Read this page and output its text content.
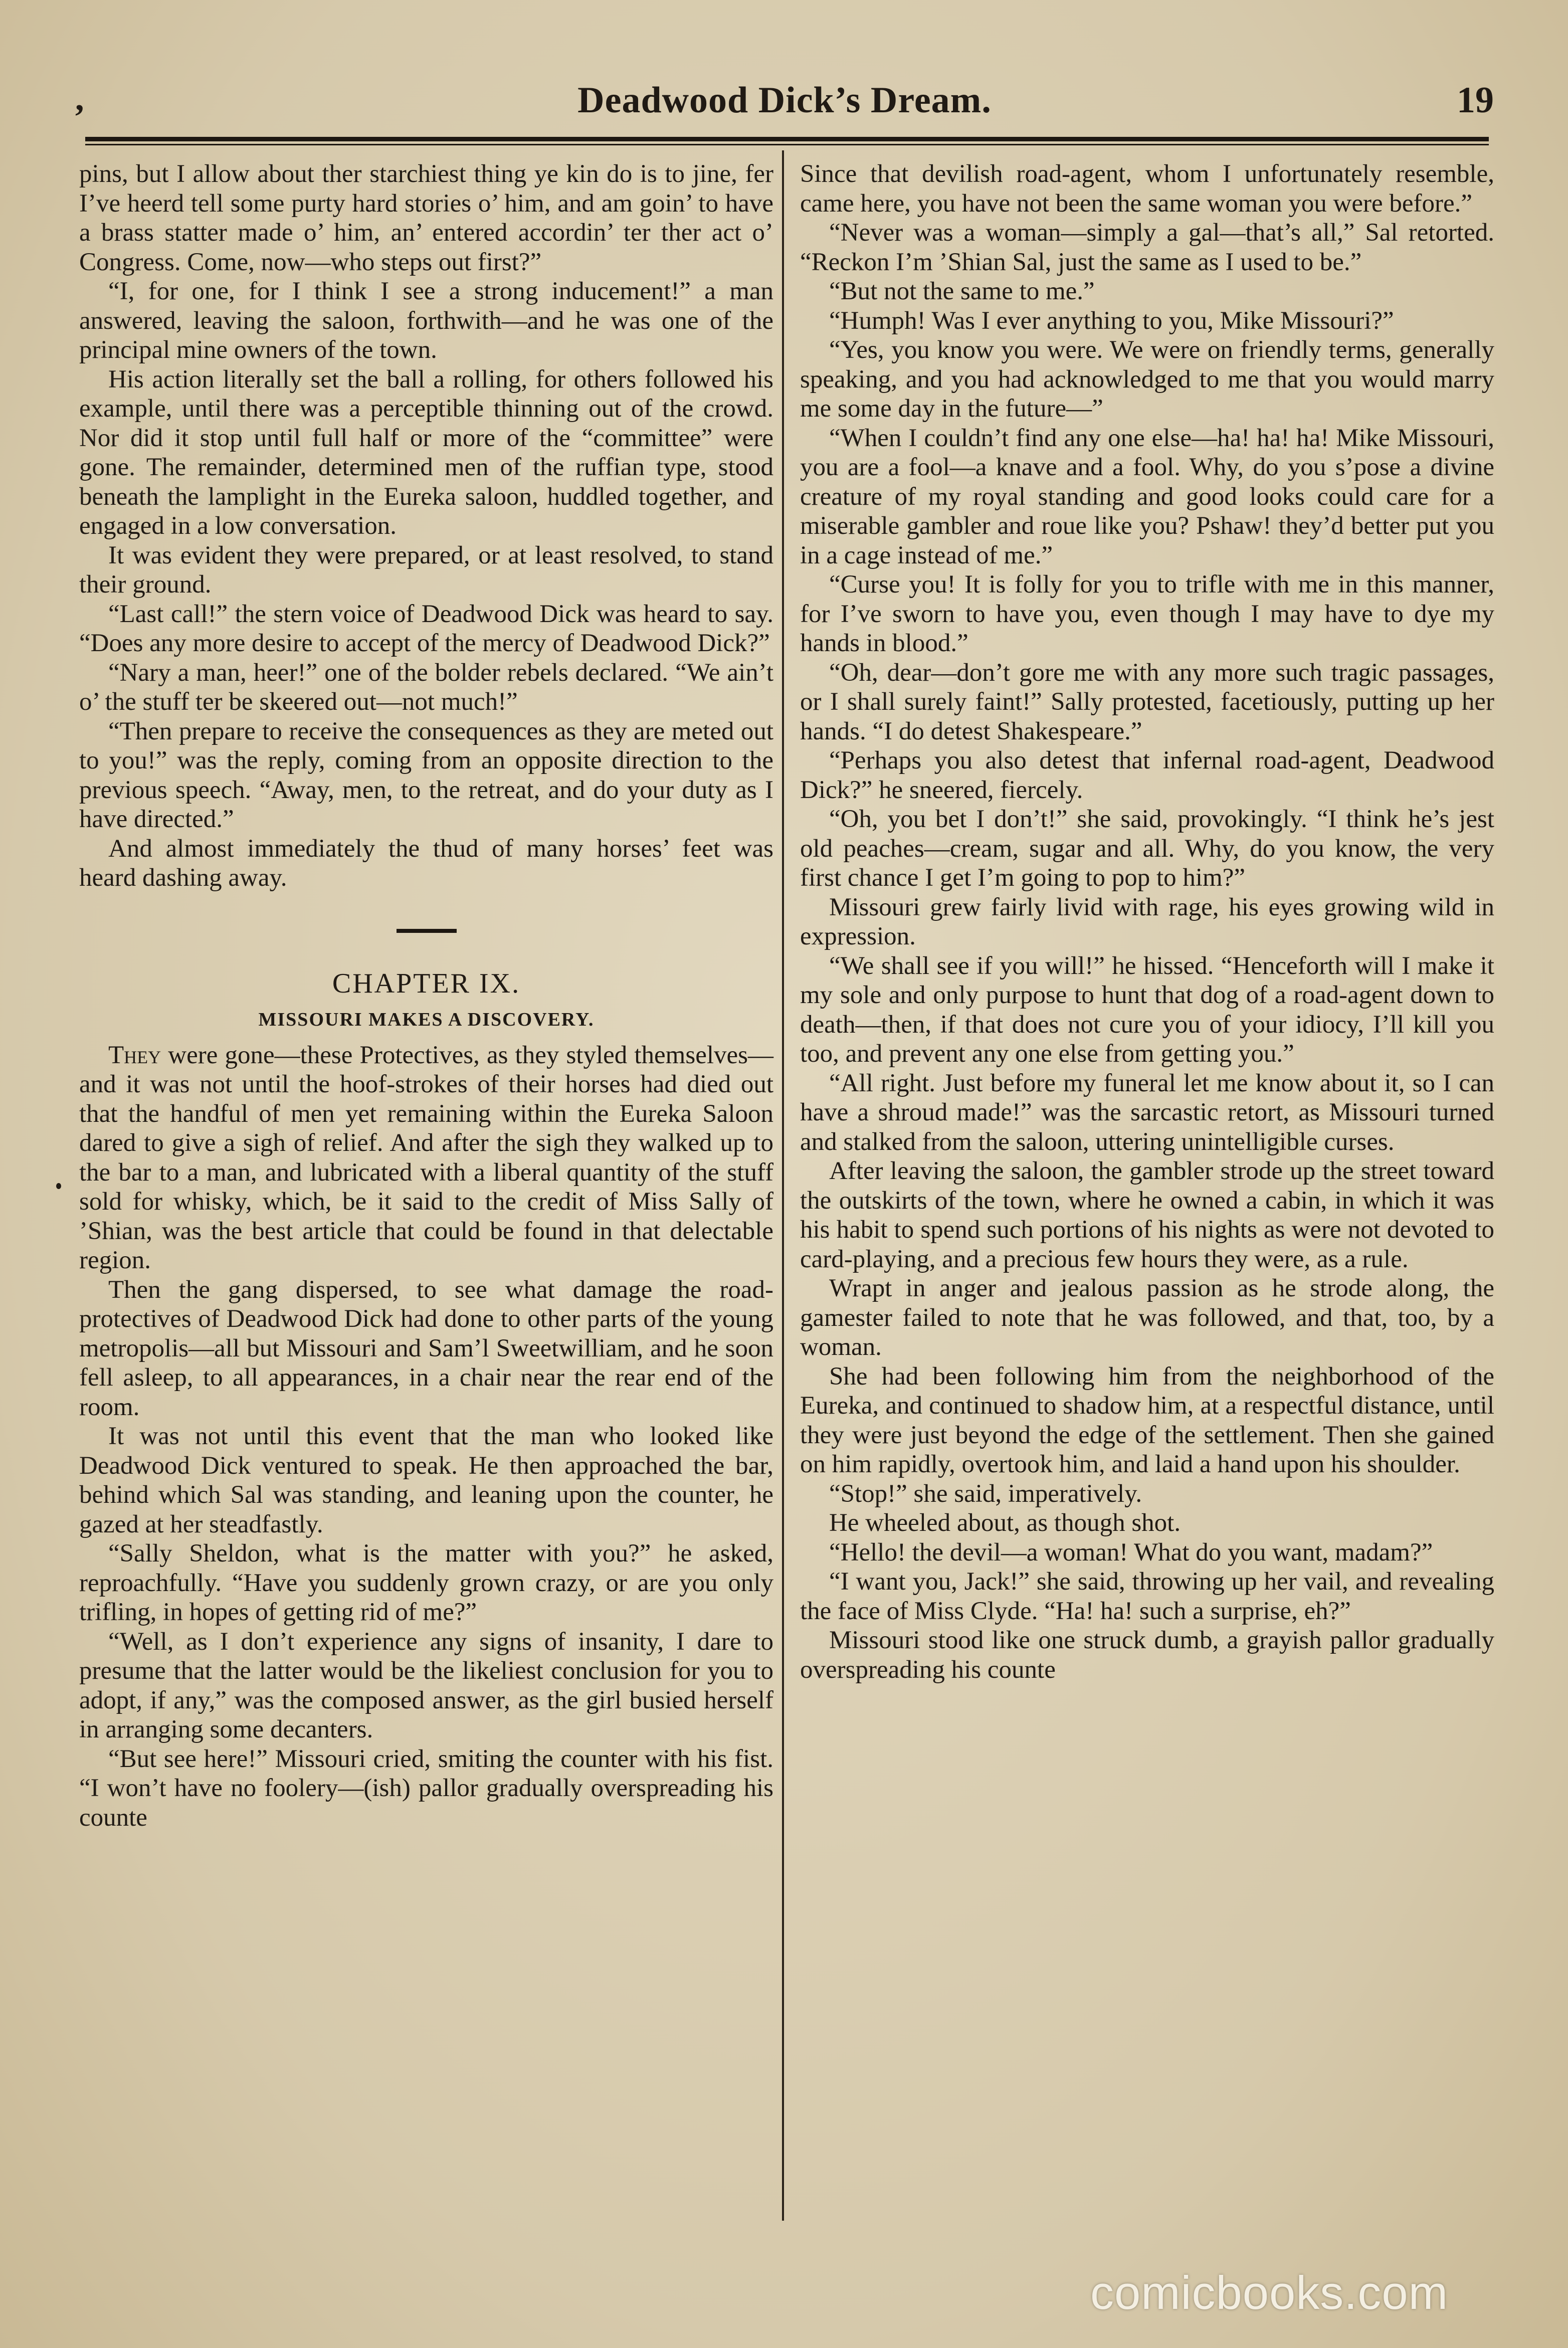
,	Deadwood Dick’s Dream.	19

pins, but I allow about ther starchiest thing ye kin do is to jine, fer I’ve heerd tell some purty hard stories o’ him, and am goin’ to have a brass statter made o’ him, an’ entered accordin’ ter ther act o’ Congress. Come, now—who steps out first?”

“I, for one, for I think I see a strong inducement!” a man answered, leaving the saloon, forthwith—and he was one of the principal mine owners of the town.

His action literally set the ball a rolling, for others followed his example, until there was a perceptible thinning out of the crowd. Nor did it stop until full half or more of the “committee” were gone. The remainder, determined men of the ruffian type, stood beneath the lamplight in the Eureka saloon, huddled together, and engaged in a low conversation.

It was evident they were prepared, or at least resolved, to stand their ground.

“Last call!” the stern voice of Deadwood Dick was heard to say. “Does any more desire to accept of the mercy of Deadwood Dick?”

“Nary a man, heer!” one of the bolder rebels declared. “We ain’t o’ the stuff ter be skeered out—not much!”

“Then prepare to receive the consequences as they are meted out to you!” was the reply, coming from an opposite direction to the previous speech. “Away, men, to the retreat, and do your duty as I have directed.”

And almost immediately the thud of many horses’ feet was heard dashing away.

CHAPTER IX.
MISSOURI MAKES A DISCOVERY.

They were gone—these Protectives, as they styled themselves—and it was not until the hoof-strokes of their horses had died out that the handful of men yet remaining within the Eureka Saloon dared to give a sigh of relief. And after the sigh they walked up to the bar to a man, and lubricated with a liberal quantity of the stuff sold for whisky, which, be it said to the credit of Miss Sally of ’Shian, was the best article that could be found in that delectable region.

Then the gang dispersed, to see what damage the road-protectives of Deadwood Dick had done to other parts of the young metropolis—all but Missouri and Sam’l Sweetwilliam, and he soon fell asleep, to all appearances, in a chair near the rear end of the room.

It was not until this event that the man who looked like Deadwood Dick ventured to speak. He then approached the bar, behind which Sal was standing, and leaning upon the counter, he gazed at her steadfastly.

“Sally Sheldon, what is the matter with you?” he asked, reproachfully. “Have you suddenly grown crazy, or are you only trifling, in hopes of getting rid of me?”

“Well, as I don’t experience any signs of insanity, I dare to presume that the latter would be the likeliest conclusion for you to adopt, if any,” was the composed answer, as the girl busied herself in arranging some decanters.

“But see here!” Missouri cried, smiting the counter with his fist. “I won’t have no foolery—(ish) pallor gradually overspreading his counte

Since that devilish road-agent, whom I unfortunately resemble, came here, you have not been the same woman you were before.”

“Never was a woman—simply a gal—that’s all,” Sal retorted. “Reckon I’m ’Shian Sal, just the same as I used to be.”

“But not the same to me.”

“Humph! Was I ever anything to you, Mike Missouri?”

“Yes, you know you were. We were on friendly terms, generally speaking, and you had acknowledged to me that you would marry me some day in the future—”

“When I couldn’t find any one else—ha! ha! ha! Mike Missouri, you are a fool—a knave and a fool. Why, do you s’pose a divine creature of my royal standing and good looks could care for a miserable gambler and roue like you? Pshaw! they’d better put you in a cage instead of me.”

“Curse you! It is folly for you to trifle with me in this manner, for I’ve sworn to have you, even though I may have to dye my hands in blood.”

“Oh, dear—don’t gore me with any more such tragic passages, or I shall surely faint!” Sally protested, facetiously, putting up her hands. “I do detest Shakespeare.”

“Perhaps you also detest that infernal road-agent, Deadwood Dick?” he sneered, fiercely.

“Oh, you bet I don’t!” she said, provokingly. “I think he’s jest old peaches—cream, sugar and all. Why, do you know, the very first chance I get I’m going to pop to him?”

Missouri grew fairly livid with rage, his eyes growing wild in expression.

“We shall see if you will!” he hissed. “Henceforth will I make it my sole and only purpose to hunt that dog of a road-agent down to death—then, if that does not cure you of your idiocy, I’ll kill you too, and prevent any one else from getting you.”

“All right. Just before my funeral let me know about it, so I can have a shroud made!” was the sarcastic retort, as Missouri turned and stalked from the saloon, uttering unintelligible curses.

After leaving the saloon, the gambler strode up the street toward the outskirts of the town, where he owned a cabin, in which it was his habit to spend such portions of his nights as were not devoted to card-playing, and a precious few hours they were, as a rule.

Wrapt in anger and jealous passion as he strode along, the gamester failed to note that he was followed, and that, too, by a woman.

She had been following him from the neighborhood of the Eureka, and continued to shadow him, at a respectful distance, until they were just beyond the edge of the settlement. Then she gained on him rapidly, overtook him, and laid a hand upon his shoulder.

“Stop!” she said, imperatively.

He wheeled about, as though shot.

“Hello! the devil—a woman! What do you want, madam?”

“I want you, Jack!” she said, throwing up her vail, and revealing the face of Miss Clyde. “Ha! ha! such a surprise, eh?”

Missouri stood like one struck dumb, a grayish pallor gradually overspreading his counte

comicbooks.com
